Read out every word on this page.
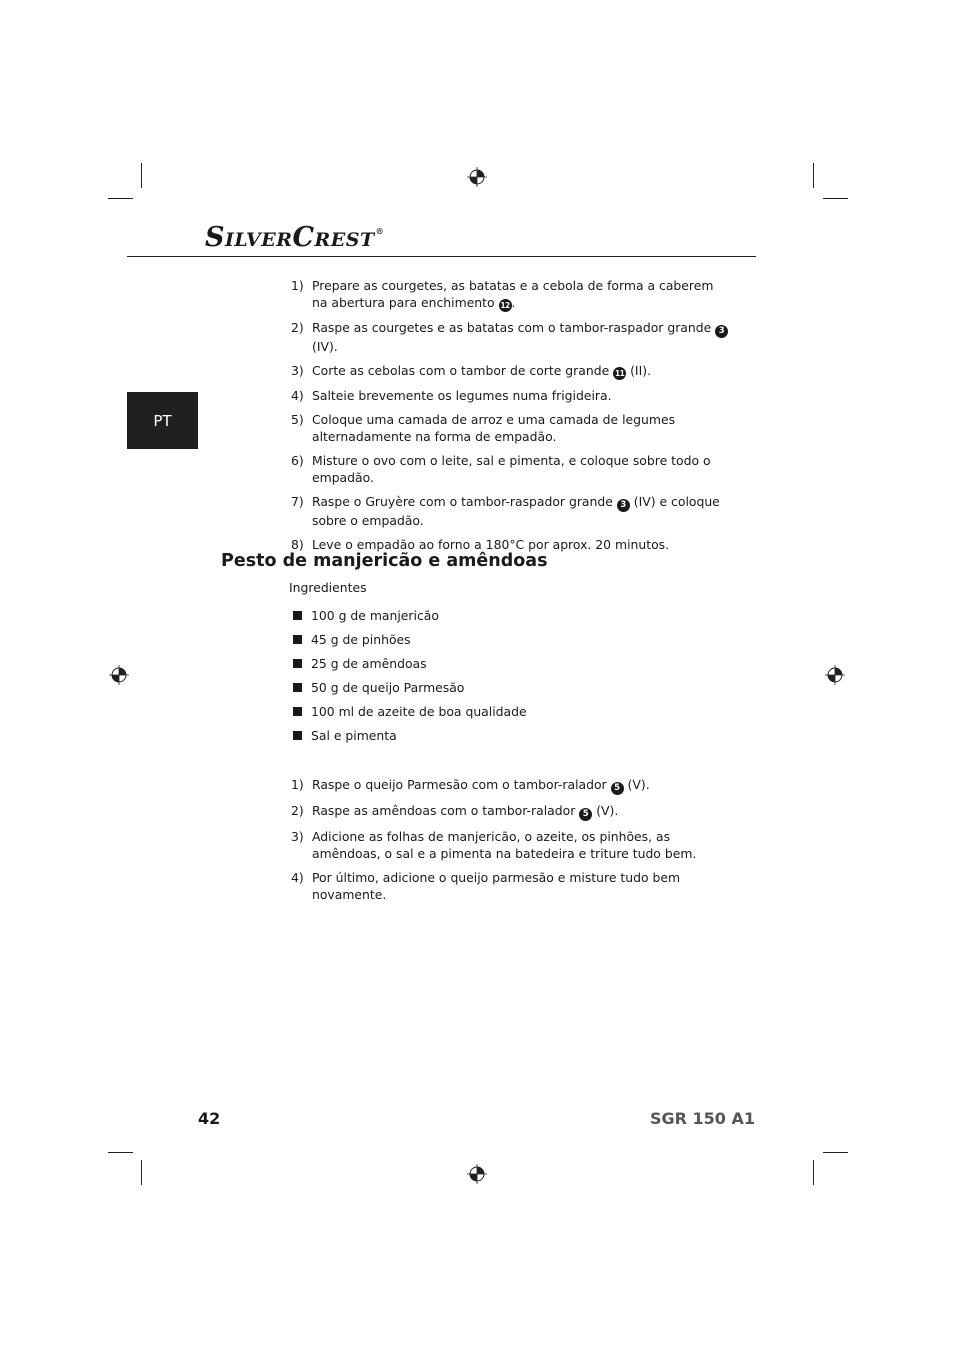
SILVERCREST®
PT
1) Prepare as courgetes, as batatas e a cebola de forma a caberem na abertura para enchimento 12 .
2) Raspe as courgetes e as batatas com o tambor-raspador grande 3 (IV).
3) Corte as cebolas com o tambor de corte grande 11 (II).
4) Salteie brevemente os legumes numa frigideira.
5) Coloque uma camada de arroz e uma camada de legumes alternadamente na forma de empadão.
6) Misture o ovo com o leite, sal e pimenta, e coloque sobre todo o empadão.
7) Raspe o Gruyère com o tambor-raspador grande 3 (IV) e coloque sobre o empadão.
8) Leve o empadão ao forno a 180°C por aprox. 20 minutos.
Pesto de manjericão e amêndoas
Ingredientes
100 g de manjericão
45 g de pinhões
25 g de amêndoas
50 g de queijo Parmesão
100 ml de azeite de boa qualidade
Sal e pimenta
1) Raspe o queijo Parmesão com o tambor-ralador 5 (V).
2) Raspe as amêndoas com o tambor-ralador 5 (V).
3) Adicione as folhas de manjericão, o azeite, os pinhões, as amêndoas, o sal e a pimenta na batedeira e triture tudo bem.
4) Por último, adicione o queijo parmesão e misture tudo bem novamente.
42	SGR 150 A1
